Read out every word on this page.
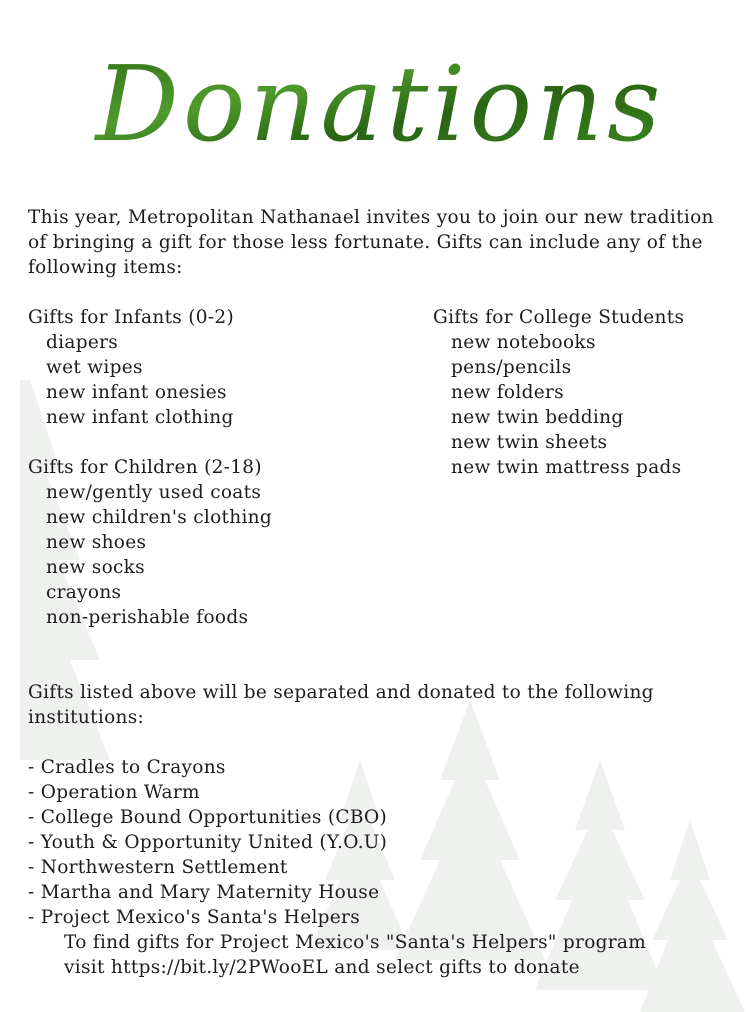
Donations

This year, Metropolitan Nathanael invites you to join our new tradition of bringing a gift for those less fortunate. Gifts can include any of the following items:

Gifts for Infants (0-2)
diapers
wet wipes
new infant onesies
new infant clothing
Gifts for Children (2-18)
new/gently used coats
new children's clothing
new shoes
new socks
crayons
non-perishable foods
Gifts for College Students
new notebooks
pens/pencils
new folders
new twin bedding
new twin sheets
new twin mattress pads

Gifts listed above will be separated and donated to the following institutions:

- Cradles to Crayons
- Operation Warm
- College Bound Opportunities (CBO)
- Youth & Opportunity United (Y.O.U)
- Northwestern Settlement
- Martha and Mary Maternity House
- Project Mexico's Santa's Helpers
To find gifts for Project Mexico's "Santa's Helpers" program
visit https://bit.ly/2PWooEL and select gifts to donate
